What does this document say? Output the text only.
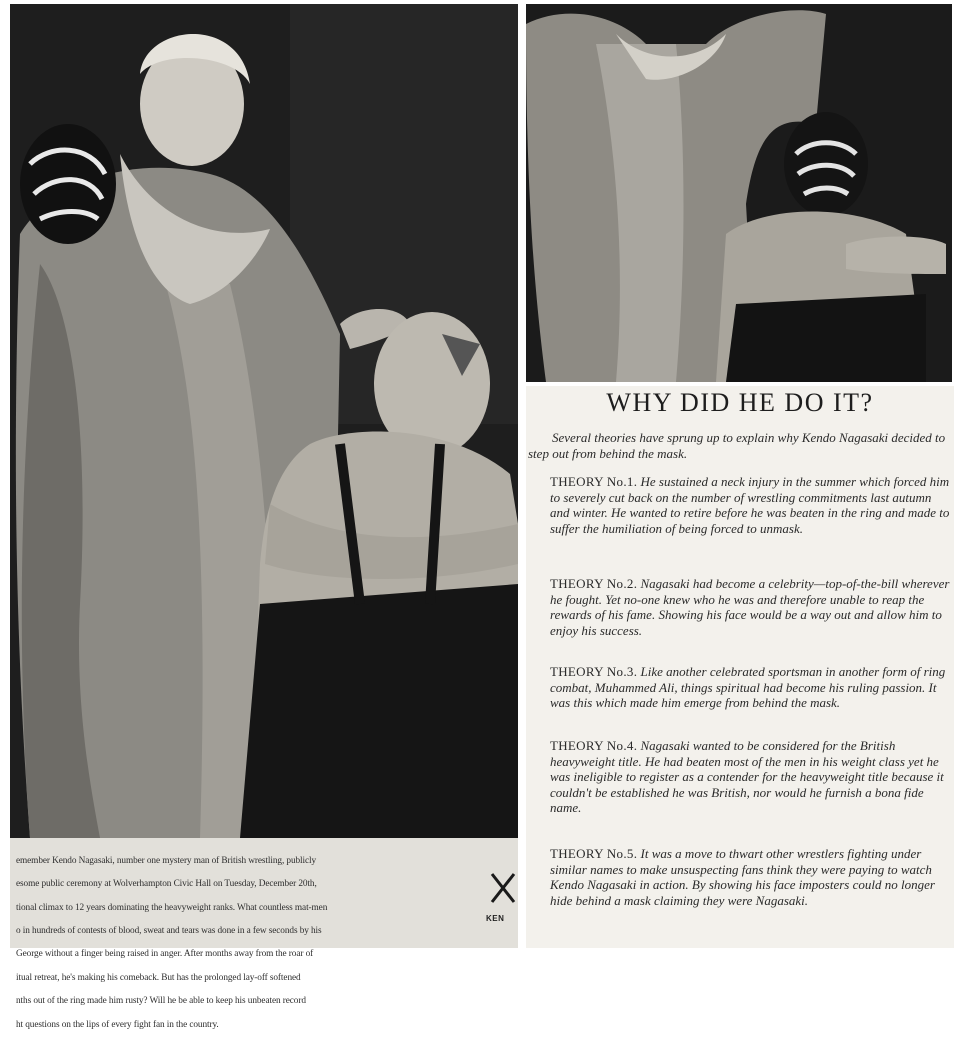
emember Kendo Nagasaki, number one mystery man of British wrestling, publicly

esome public ceremony at Wolverhampton Civic Hall on Tuesday, December 20th,

tional climax to 12 years dominating the heavyweight ranks. What countless mat-men

o in hundreds of contests of blood, sweat and tears was done in a few seconds by his

George without a finger being raised in anger. After months away from the roar of

itual retreat, he's making his comeback. But has the prolonged lay-off softened

nths out of the ring made him rusty? Will he be able to keep his unbeaten record

ht questions on the lips of every fight fan in the country.

KEN
WHY DID HE DO IT?
Several theories have sprung up to explain why Kendo Nagasaki decided to step out from behind the mask.
THEORY No.1. He sustained a neck injury in the summer which forced him to severely cut back on the number of wrestling commitments last autumn and winter. He wanted to retire before he was beaten in the ring and made to suffer the humiliation of being forced to unmask.
THEORY No.2. Nagasaki had become a celebrity—top-of-the-bill wherever he fought. Yet no-one knew who he was and therefore unable to reap the rewards of his fame. Showing his face would be a way out and allow him to enjoy his success.
THEORY No.3. Like another celebrated sportsman in another form of ring combat, Muhammed Ali, things spiritual had become his ruling passion. It was this which made him emerge from behind the mask.
THEORY No.4. Nagasaki wanted to be considered for the British heavyweight title. He had beaten most of the men in his weight class yet he was ineligible to register as a contender for the heavyweight title because it couldn't be established he was British, nor would he furnish a bona fide name.
THEORY No.5. It was a move to thwart other wrestlers fighting under similar names to make unsuspecting fans think they were paying to watch Kendo Nagasaki in action. By showing his face imposters could no longer hide behind a mask claiming they were Nagasaki.
